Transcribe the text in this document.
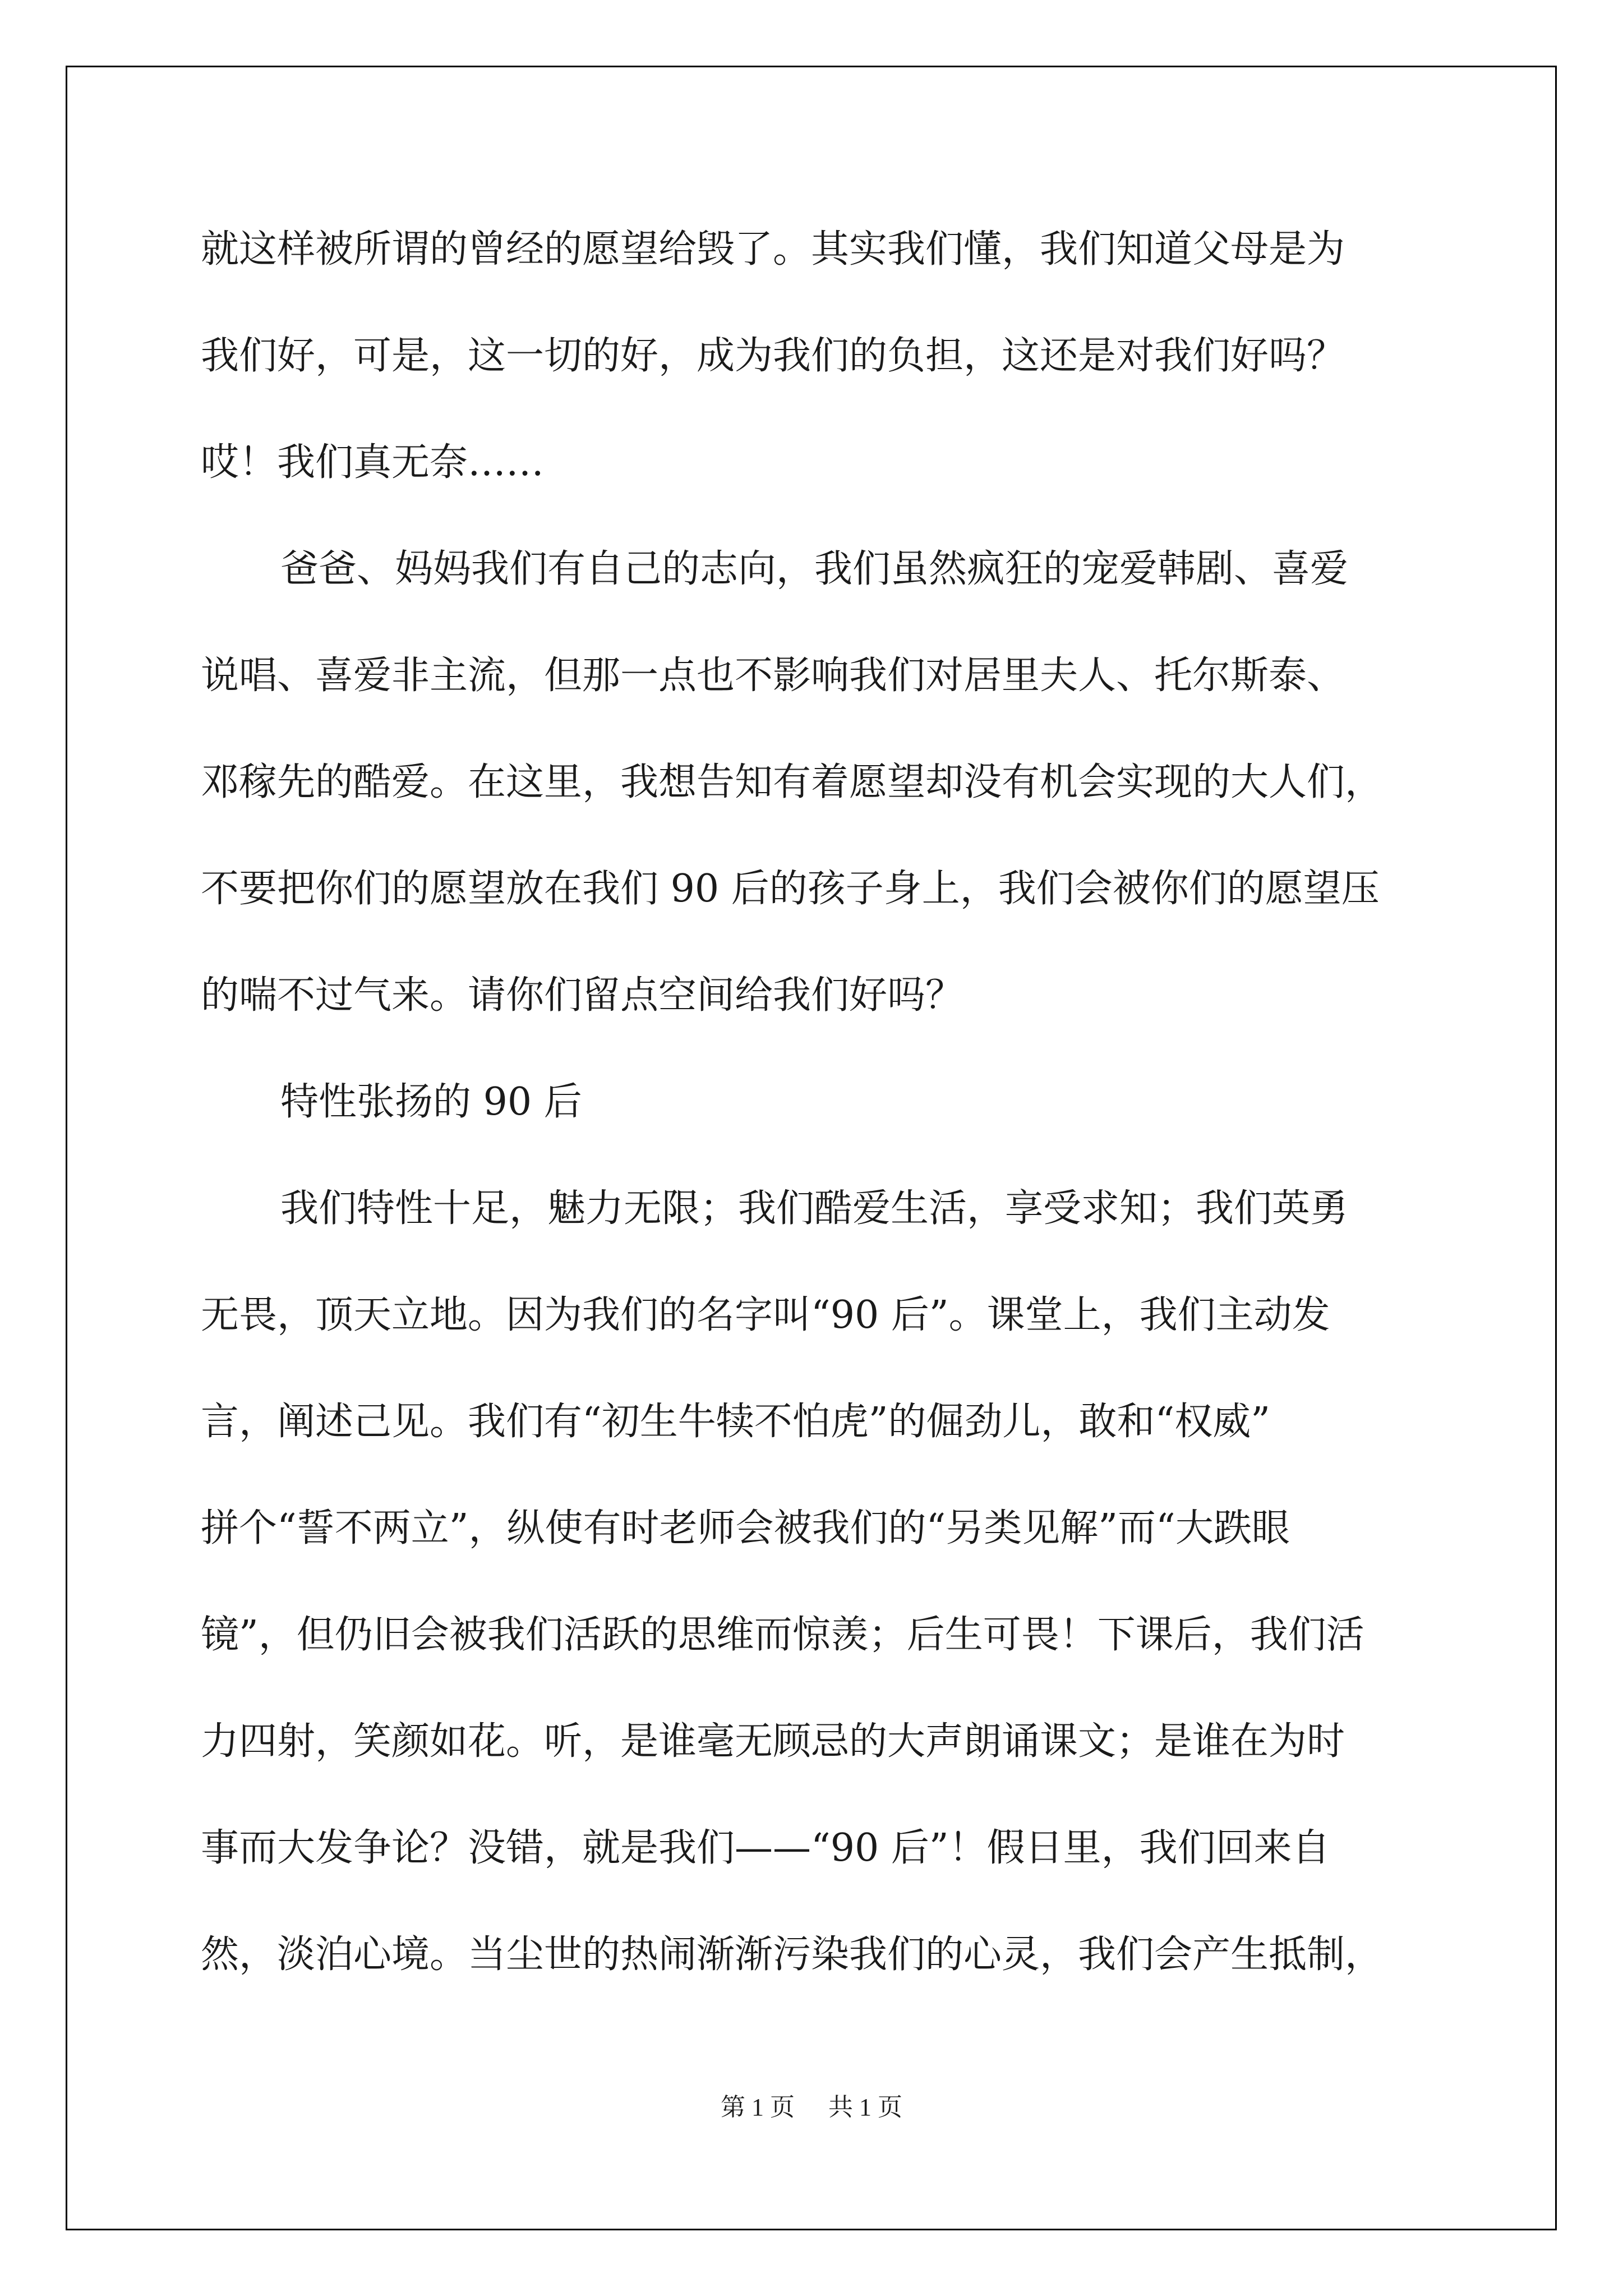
就这样被所谓的曾经的愿望给毁了。其实我们懂，我们知道父母是为

我们好，可是，这一切的好，成为我们的负担，这还是对我们好吗？

哎！我们真无奈……

爸爸、妈妈我们有自己的志向，我们虽然疯狂的宠爱韩剧、喜爱

说唱、喜爱非主流，但那一点也不影响我们对居里夫人、托尔斯泰、

邓稼先的酷爱。在这里，我想告知有着愿望却没有机会实现的大人们，

不要把你们的愿望放在我们 90 后的孩子身上，我们会被你们的愿望压

的喘不过气来。请你们留点空间给我们好吗？

特性张扬的 90 后

我们特性十足，魅力无限；我们酷爱生活，享受求知；我们英勇

无畏，顶天立地。因为我们的名字叫“90 后”。课堂上，我们主动发

言，阐述己见。我们有“初生牛犊不怕虎”的倔劲儿，敢和“权威”

拼个“誓不两立”，纵使有时老师会被我们的“另类见解”而“大跌眼

镜”，但仍旧会被我们活跃的思维而惊羡；后生可畏！下课后，我们活

力四射，笑颜如花。听，是谁毫无顾忌的大声朗诵课文；是谁在为时

事而大发争论？没错，就是我们——“90 后”！假日里，我们回来自

然，淡泊心境。当尘世的热闹渐渐污染我们的心灵，我们会产生抵制，

第 1 页 共 1 页
